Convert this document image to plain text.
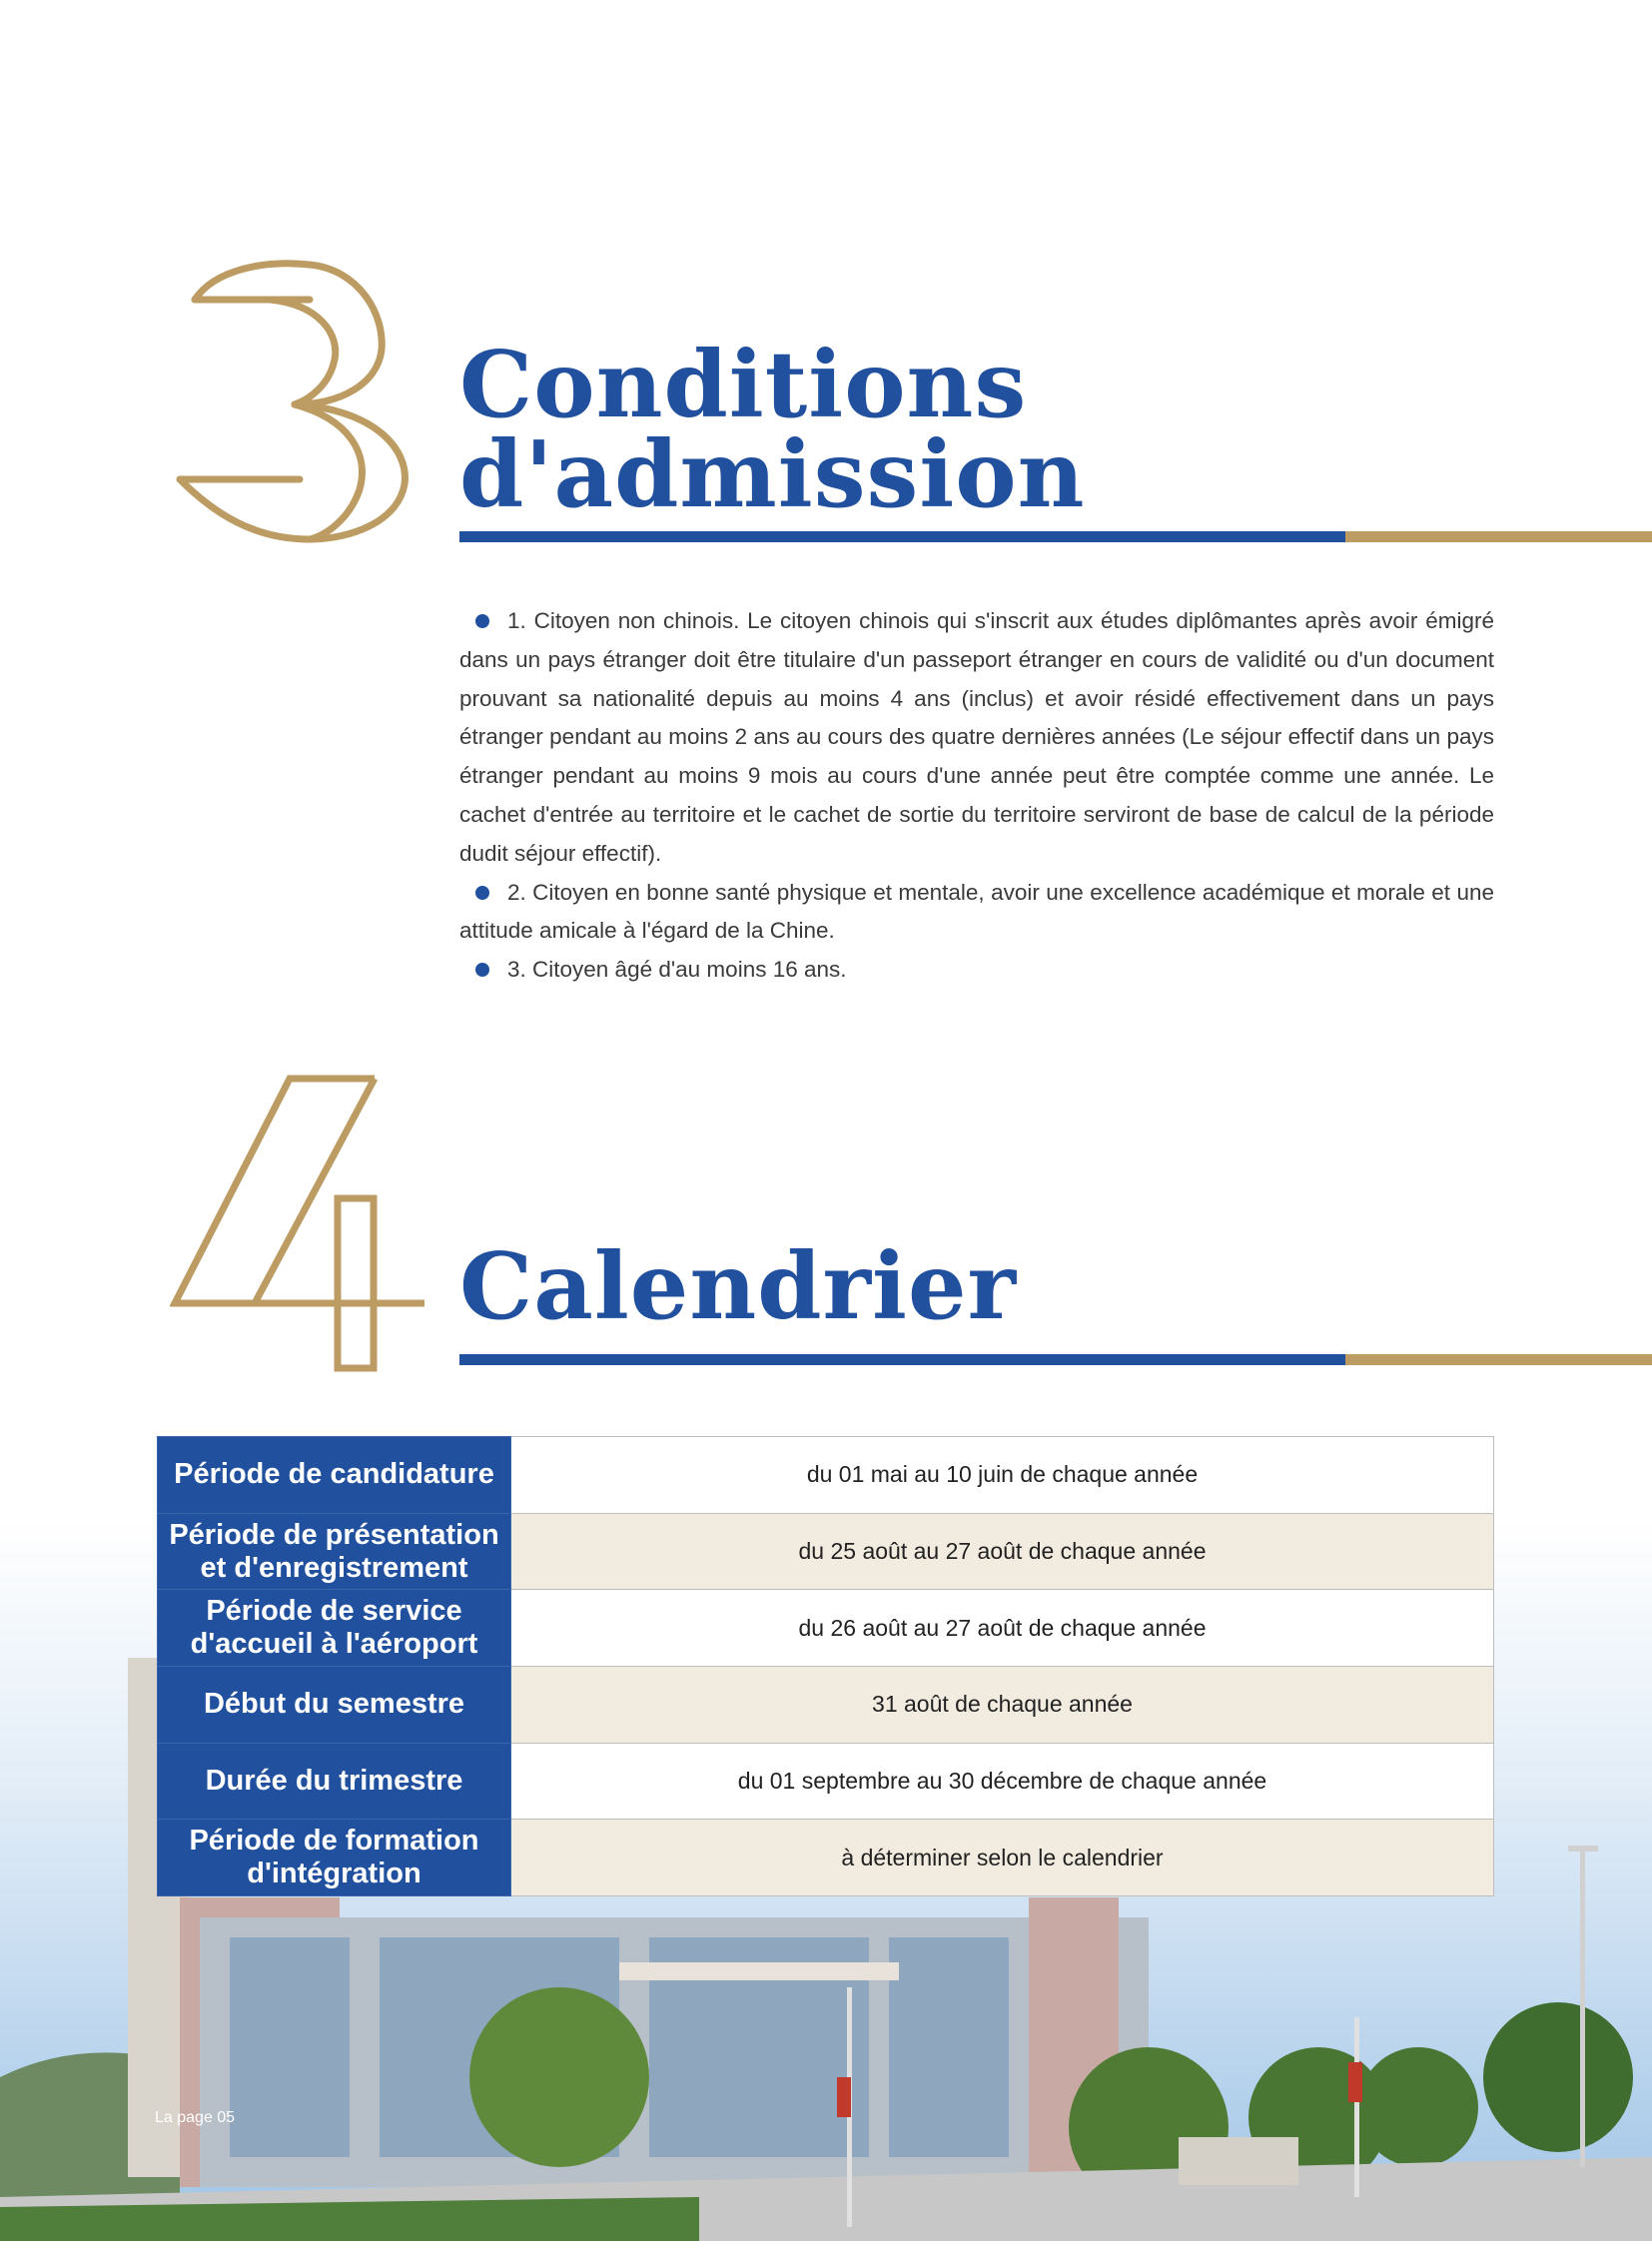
Conditions
d'admission

1. Citoyen non chinois. Le citoyen chinois qui s'inscrit aux études diplômantes après avoir émigré dans un pays étranger doit être titulaire d'un passeport étranger en cours de validité ou d'un document prouvant sa nationalité depuis au moins 4 ans (inclus) et avoir résidé effectivement dans un pays étranger pendant au moins 2 ans au cours des quatre dernières années (Le séjour effectif dans un pays étranger pendant au moins 9 mois au cours d'une année peut être comptée comme une année. Le cachet d'entrée au territoire et le cachet de sortie du territoire serviront de base de calcul de la période dudit séjour effectif).

2. Citoyen en bonne santé physique et mentale, avoir une excellence académique et morale et une attitude amicale à l'égard de la Chine.

3. Citoyen âgé d'au moins 16 ans.

Calendrier
Période de candidature	du 01 mai au 10 juin de chaque année
Période de présentation et d'enregistrement	du 25 août au 27 août de chaque année
Période de service d'accueil à l'aéroport	du 26 août au 27 août de chaque année
Début du semestre	31 août de chaque année
Durée du trimestre	du 01 septembre au 30 décembre de chaque année
Période de formation d'intégration	à déterminer selon le calendrier
La page 05
